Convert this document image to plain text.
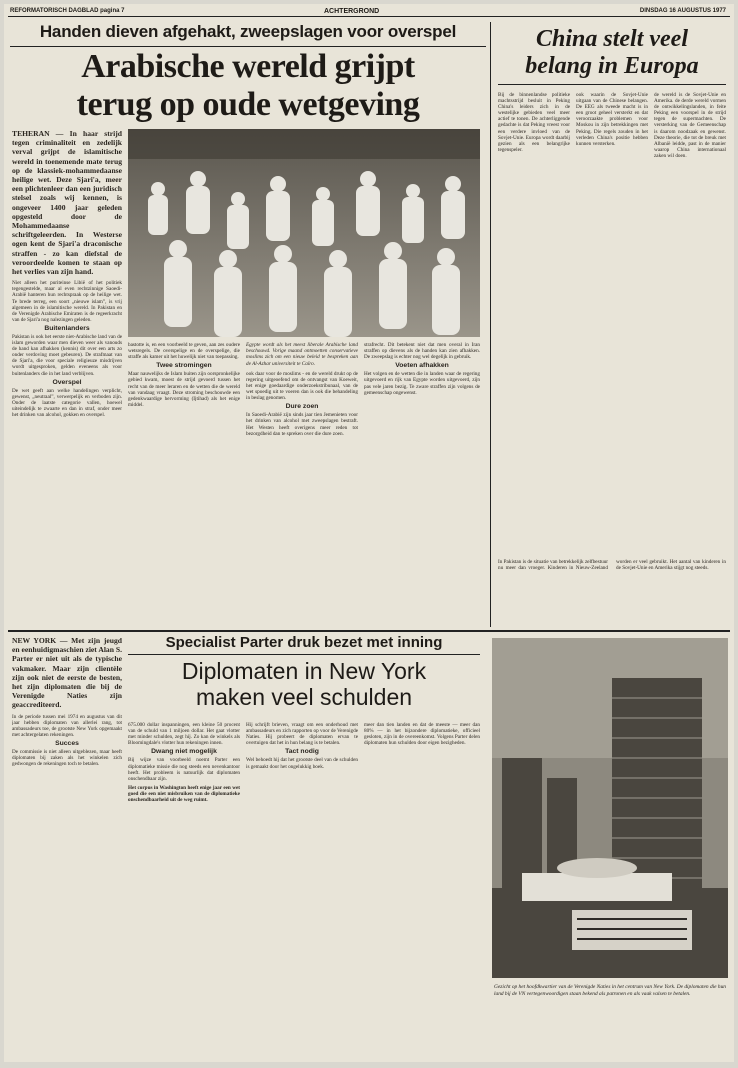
REFORMATORISCH DAGBLAD pagina 7	ACHTERGROND	DINSDAG 16 AUGUSTUS 1977
Handen dieven afgehakt, zweepslagen voor overspel
Arabische wereld grijpt
terug op oude wetgeving

TEHERAN — In haar strijd tegen criminaliteit en zedelijk verval grijpt de islamitische wereld in toenemende mate terug op de klassiek-mohammedaanse heilige wet. Deze Sjari'a, meer een plichtenleer dan een juridisch stelsel zoals wij kennen, is ongeveer 1400 jaar geleden opgesteld door de Mohammedaanse schriftgeleerden. In Westerse ogen kent de Sjari'a draconische straffen - zo kan diefstal de veroordeelde komen te staan op het verlies van zijn hand.

Niet alleen het puriteinse Libië of het politiek tegengestelde, maar al even rechtzinnige Saoedi-Arabië hanteren hun rechtspraak op de heilige wet. Te brede terreg, een soort „nieuwe islam”, is vrij algemeen in de islamitische wereld. In Pakistan en de Verenigde Arabische Emiraten is de regeerkracht van de Sjari'a nog nalezingen geleden.

Buitenlanders

Pakistan is ook het eerste niet-Arabische land van de islam geworden waar men dieven weer als vanouds de hand kan afhakken (kennis) dit over een arts zo onder verdoving moet gebeuren). De strafmaat van de Sjari'a, die voor speciale religieuze misdrijven wordt uitgesproken, gelden eveneens als voor buitenlanders die in het land verblijven.

Overspel

De wet geeft aan welke handelingen verplicht, gewenst, „neutraal”, verwerpelijk en verboden zijn. Onder de laatste categorie vallen, hoewel uiteindelijk te zwaarte en dan in straf, onder meer het drinken van alcohol, gokken en overspel.

bastotte is, en een voorbeeld te geven, aan zes oudere wetsregels. De overspelige en de overspelige, die straffe als kamer uit het huwelijk niet van toepassing.

Twee stromingen

Maar nauwelijks de Islam buiten zijn oorspronkelijke gebied kwam, moest de strijd gevoerd tussen het recht van de meer leraren en de wetten die de wereld van vandaag vraagt. Deze stroming beschouwde een gedenkwaardige hervorming (Ijtihad) als het enige middel.

Egypte wordt als het meest liberale Arabische land beschouwd. Vorige maand ontmoetten conservatieve moslims zich om een nieuw beleid te bespreken aan de Al-Azhar universiteit te Caïro.

ook daar voor de moslims - en de wereld drukt op de regering uitgeoefend om de ontvangst van Koeweit, het enige goedaardige onderzoekstribunaal, van de wet spoedig uit te voeren dan is ook die behandeling in beslag genomen.

Dure zoen

In Saoedi-Arabië zijn sinds jaar tien Jemenieten voor het drinken van alcohol met zweepslagen bestraft. Het Westen heeft overigens meer reden tot bezorgdheid dan te spreken over die dure zoen.

strafrecht. Dit betekent niet dat men overal in Iran straffen op dievens als de handen kan zien afhakken. De zweepslag is echter nog wel degelijk in gebruik.

Voeten afhakken

Het volgen en de wetten die in landen waar de regering uitgevoerd en rijk van Egypte worden uitgevoerd, zijn pas vele jaren bezig. Te zware straffen zijn volgens de gemeenschap ongewenst.

China stelt veel
belang in Europa

Bij de binnenlandse politieke machtsstrijd besluit in Peking China's leiders zich in de westelijke gebieden veel meer actief te tonen. De achterliggende gedachte is dat Peking vreest voor een verdere invloed van de Sovjet-Unie. Europa wordt daarbij gezien als een belangrijke tegenspeler.

ook waarin de Sovjet-Unie uitgaan van de Chinese belangen. De EEG als tweede macht is in een groot geheel versterkt en dat veroorzaakte problemen voor Moskou in zijn betrekkingen met Peking. Die regels zouden in het verleden China's positie hebben kunnen versterken.

de wereld is de Sovjet-Unie en Amerika. de derde wereld vormen de ontwikkelingslanden, in feite Peking een voorspel in de strijd tegen de supermachten. De versterking van de Gemeenschap is daarom noodzaak en gewenst. Deze theorie, die tot de breuk met Albanië leidde, past in de manier waarop China internationaal zaken wil doen.

In Pakistan is de situatie van betrekkelijk zelfbestuur nu meer dan vroeger. Kinderen in Nieuw-Zeeland worden er veel gebruikt. Het aantal van kinderen in de Sovjet-Unie en Amerika stijgt nog steeds.

NEW YORK — Met zijn jeugd en eenhuidigmaschien ziet Alan S. Parter er niet uit als de typische vakmaker. Maar zijn clientèle zijn ook niet de eerste de besten, het zijn diplomaten die bij de Verenigde Naties zijn geaccrediteerd.

In de periode tussen mei 1974 en augustus van dit jaar hebben diplomaten van allerlei rang, tot ambassadeurs toe, de grootste New York opgemaakt met achtergelaten rekeningen.

Succes

De commissie is niet alleen uitgeblezen, maar heeft diplomaten bij zaken als het winkelen zich gedwongen de rekeningen toch te betalen.

Specialist Parter druk bezet met inning
Diplomaten in New York
maken veel schulden

675.000 dollar inspanningen, een kleine 50 procent van de schuld van 1 miljoen dollar. Het gaat vlotter met minder schulden, zegt hij. Zo kan de winkels als Bloomingdale's vlotter hun rekeningen innen.

Dwang niet mogelijk

Bij wijze van voorbeeld noemt Parter een diplomatieke missie die nog steeds een nevenkantoor heeft. Het probleem is natuurlijk dat diplomaten onschendbaar zijn.

Het corpus in Washington heeft enige jaar een wet goed die een niet misbruiken van de diplomatieke onschendbaarheid uit de weg ruimt.

Hij schrijft brieven, vraagt om een onderhoud met ambassadeurs en zich rapporten op voor de Verenigde Naties. Hij probeert de diplomaten ervan te overtuigen dat het in hun belang is te betalen.

Tact nodig

Wel behoedt hij dat het grootste deel van de schulden is gemaakt door het ongelukkig boek.

meer dan tien landen en dat de meeste — meer dan 80% — in het bijzondere diplomatieke, officieel gesloten, zijn in de overeenkomst. Volgens Parter delen diplomaten hun schulden door eigen bezigheden.

Gezicht op het hoofdkwartier van de Verenigde Naties in het centrum van New York. De diplomaten die hun land bij de VN vertegenwoordigen staan bekend als patronen en als vaak valsen te betalen.
